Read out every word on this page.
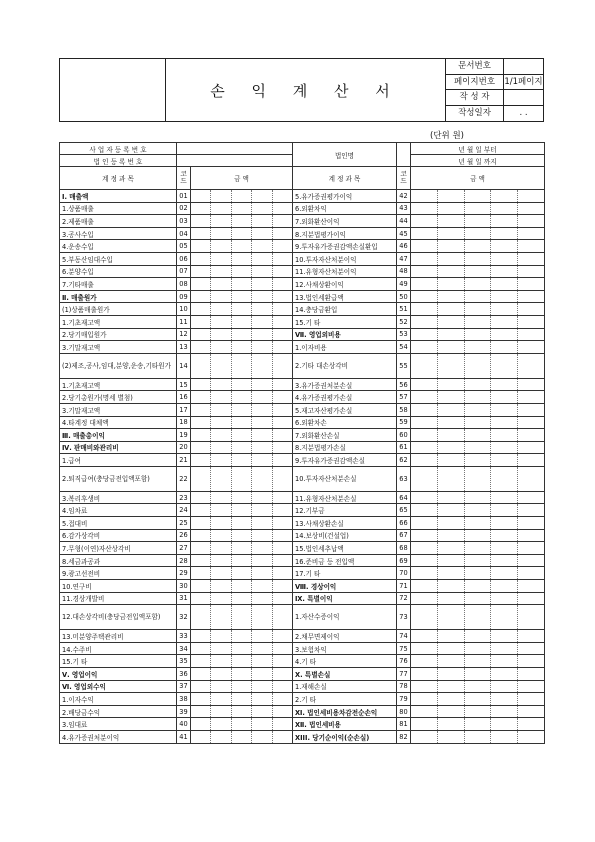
손 익 계 산 서
문서번호
페이지번호	1/1페이지
작 성 자
작성일자	. .
(단위 원)
사 업 자 등 록 번 호			법인명		년 월 일 부터
법 인 등 록 번 호					년 월 일 까지
계 정 과 목	코드	금 액	계 정 과 목	코드	금 액
Ⅰ. 매출액	01		5.유가증권평가이익	42	

1.상품매출	02		6.외환차익	43	

2.제품매출	03		7.외화환산이익	44	

3.공사수입	04		8.지분법평가이익	45	

4.운송수입	05		9.투자유가증권감액손실환입	46	

5.부동산임대수입	06		10.투자자산처분이익	47	

6.분양수입	07		11.유형자산처분이익	48	

7.기타매출	08		12.사채상환이익	49	

Ⅱ. 매출원가	09		13.법인세환급액	50	

(1)상품매출원가	10		14.충당금환입	51	

1.기초재고액	11		15.기 타	52	

2.당기매입원가	12		Ⅶ. 영업외비용	53	

3.기말재고액	13		1.이자비용	54	

(2)제조,공사,임대,분양,운송,기타원가	14		2.기타 대손상각비	55	

1.기초재고액	15		3.유가증권처분손실	56	

2.당기총원가(명세 별첨)	16		4.유가증권평가손실	57	

3.기말재고액	17		5.재고자산평가손실	58	

4.타계정 대체액	18		6.외환차손	59	

Ⅲ. 매출총이익	19		7.외화환산손실	60	

Ⅳ. 판매비와관리비	20		8.지분법평가손실	61	

1.급여	21		9.투자유가증권감액손실	62	

2.퇴직급여(충당금전입액포함)	22		10.투자자산처분손실	63	

3.복리후생비	23		11.유형자산처분손실	64	

4.임차료	24		12.기부금	65	

5.접대비	25		13.사채상환손실	66	

6.감가상각비	26		14.보상비(건설업)	67	

7.무형(이연)자산상각비	27		15.법인세추납액	68	

8.세금과공과	28		16.준비금 등 전입액	69	

9.광고선전비	29		17.기 타	70	

10.연구비	30		Ⅷ. 경상이익	71	

11.경상개발비	31		Ⅸ. 특별이익	72	

12.대손상각비(충당금전입액포함)	32		1.자산수증이익	73	

13.미분양주택관리비	33		2.채무면제이익	74	

14.수주비	34		3.보험차익	75	

15.기 타	35		4.기 타	76	

Ⅴ. 영업이익	36		Ⅹ. 특별손실	77	

Ⅵ. 영업외수익	37		1.재해손실	78	

1.이자수익	38		2.기 타	79	

2.배당금수익	39		Ⅺ. 법인세비용차감전순손익	80	

3.임대료	40		Ⅻ. 법인세비용	81	

4.유가증권처분이익	41		XIII. 당기순이익(순손실)	82	
